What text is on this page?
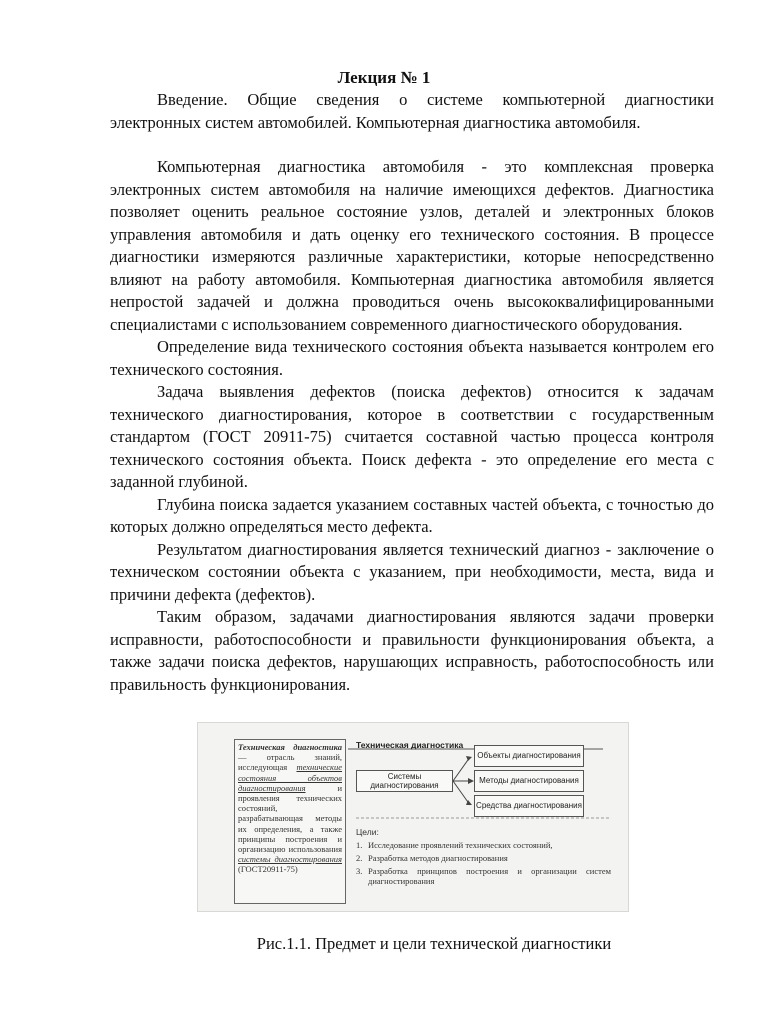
Лекция № 1

Введение. Общие сведения о системе компьютерной диагностики электронных систем автомобилей. Компьютерная диагностика автомобиля.

Компьютерная диагностика автомобиля - это комплексная проверка электронных систем автомобиля на наличие имеющихся дефектов. Диагностика позволяет оценить реальное состояние узлов, деталей и электронных блоков управления автомобиля и дать оценку его технического состояния. В процессе диагностики измеряются различные характеристики, которые непосредственно влияют на работу автомобиля. Компьютерная диагностика автомобиля является непростой задачей и должна проводиться очень высококвалифицированными специалистами с использованием современного диагностического оборудования.

Определение вида технического состояния объекта называется контролем его технического состояния.

Задача выявления дефектов (поиска дефектов) относится к задачам технического диагностирования, которое в соответствии с государственным стандартом (ГОСТ 20911-75) считается составной частью процесса контроля технического состояния объекта. Поиск дефекта - это определение его места с заданной глубиной.

Глубина поиска задается указанием составных частей объекта, с точностью до которых должно определяться место дефекта.

Результатом диагностирования является технический диагноз - заключение о техническом состоянии объекта с указанием, при необходимости, места, вида и причини дефекта (дефектов).

Таким образом, задачами диагностирования являются задачи проверки исправности, работоспособности и правильности функционирования объекта, а также задачи поиска дефектов, нарушающих исправность, работоспособность или правильность функционирования.

Техническая диагностика — отрасль знаний, исследующая технические состояния объектов диагностирования и проявления технических состояний, разрабатывающая методы их определения, а также принципы построения и организацию использования системы диагностирования (ГОСТ20911-75)
Техническая диагностика
Системы диагностирования
Объекты диагностирования
Методы диагностирования
Средства диагностирования
Цели:
1. Исследование проявлений технических состояний,
2. Разработка методов диагностирования
3. Разработка принципов построения и организации систем диагностирования
Рис.1.1. Предмет и цели технической диагностики
